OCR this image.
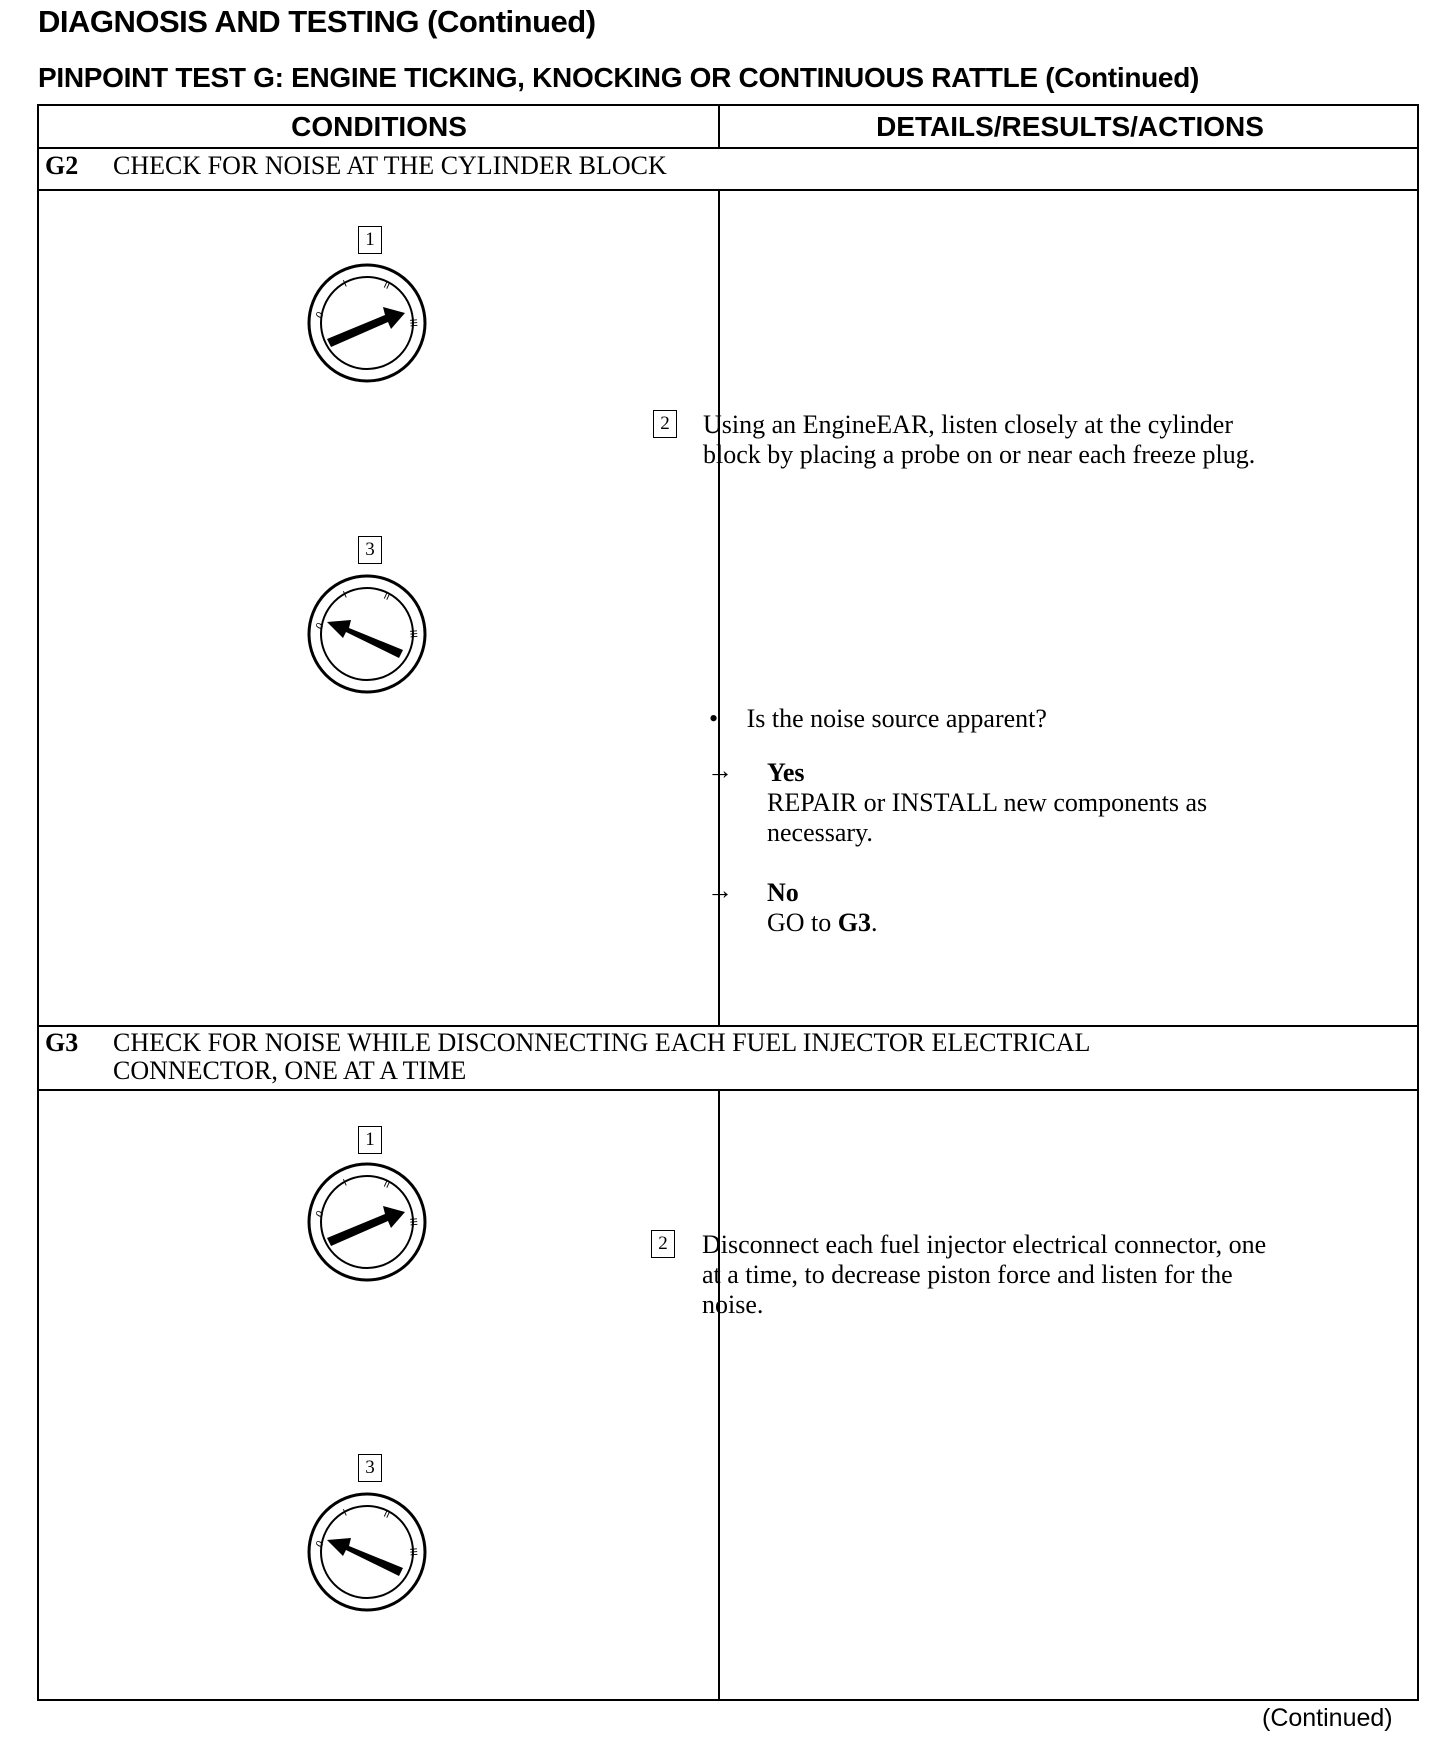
DIAGNOSIS AND TESTING (Continued)
PINPOINT TEST G: ENGINE TICKING, KNOCKING OR CONTINUOUS RATTLE (Continued)
CONDITIONS	DETAILS/RESULTS/ACTIONS
G2 CHECK FOR NOISE AT THE CYLINDER BLOCK
1
0
I	II
III
3
0
I	II
III
2 Using an EngineEAR, listen closely at the cylinder block by placing a probe on or near each freeze plug.
• Is the noise source apparent?
→ Yes
REPAIR or INSTALL new components as necessary.
→ No
GO to G3.
G3 CHECK FOR NOISE WHILE DISCONNECTING EACH FUEL INJECTOR ELECTRICAL
CONNECTOR, ONE AT A TIME
1
0
I	II
III
3
0
I	II
III
2 Disconnect each fuel injector electrical connector, one at a time, to decrease piston force and listen for the noise.
(Continued)
